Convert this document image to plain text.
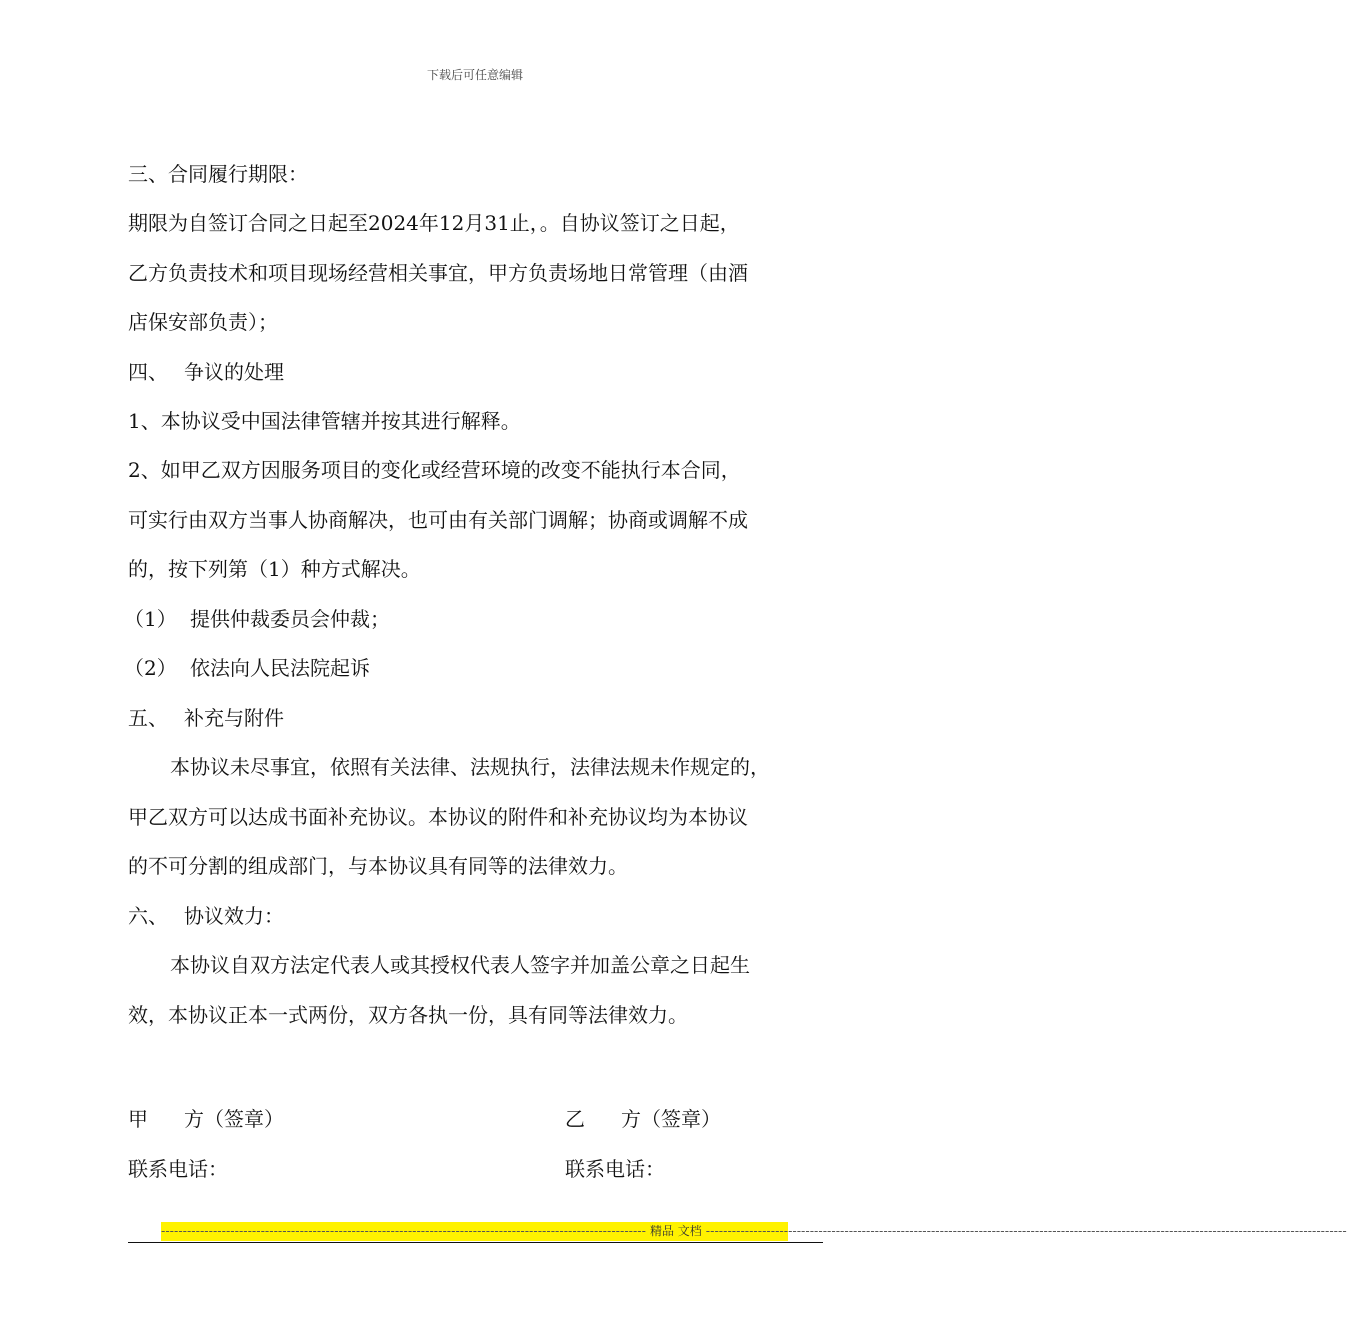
下载后可任意编辑
三、合同履行期限：
期限为自签订合同之日起至2024年12月31止，。自协议签订之日起，
乙方负责技术和项目现场经营相关事宜，甲方负责场地日常管理（由酒
店保安部负责）；
四、 争议的处理
1、本协议受中国法律管辖并按其进行解释。
2、如甲乙双方因服务项目的变化或经营环境的改变不能执行本合同，
可实行由双方当事人协商解决，也可由有关部门调解；协商或调解不成
的，按下列第（1）种方式解决。
（1） 提供仲裁委员会仲裁；
（2） 依法向人民法院起诉
五、 补充与附件
本协议未尽事宜，依照有关法律、法规执行，法律法规未作规定的，
甲乙双方可以达成书面补充协议。本协议的附件和补充协议均为本协议
的不可分割的组成部门，与本协议具有同等的法律效力。
六、 协议效力：
本协议自双方法定代表人或其授权代表人签字并加盖公章之日起生
效，本协议正本一式两份，双方各执一份，具有同等法律效力。
甲 方（签章）	乙 方（签章）
联系电话：	联系电话：
---------------------------------------------------------------------------------------------------------------- 精品 文档 ----------------------------------------------------------------------------------------------------------------------------------------------------
